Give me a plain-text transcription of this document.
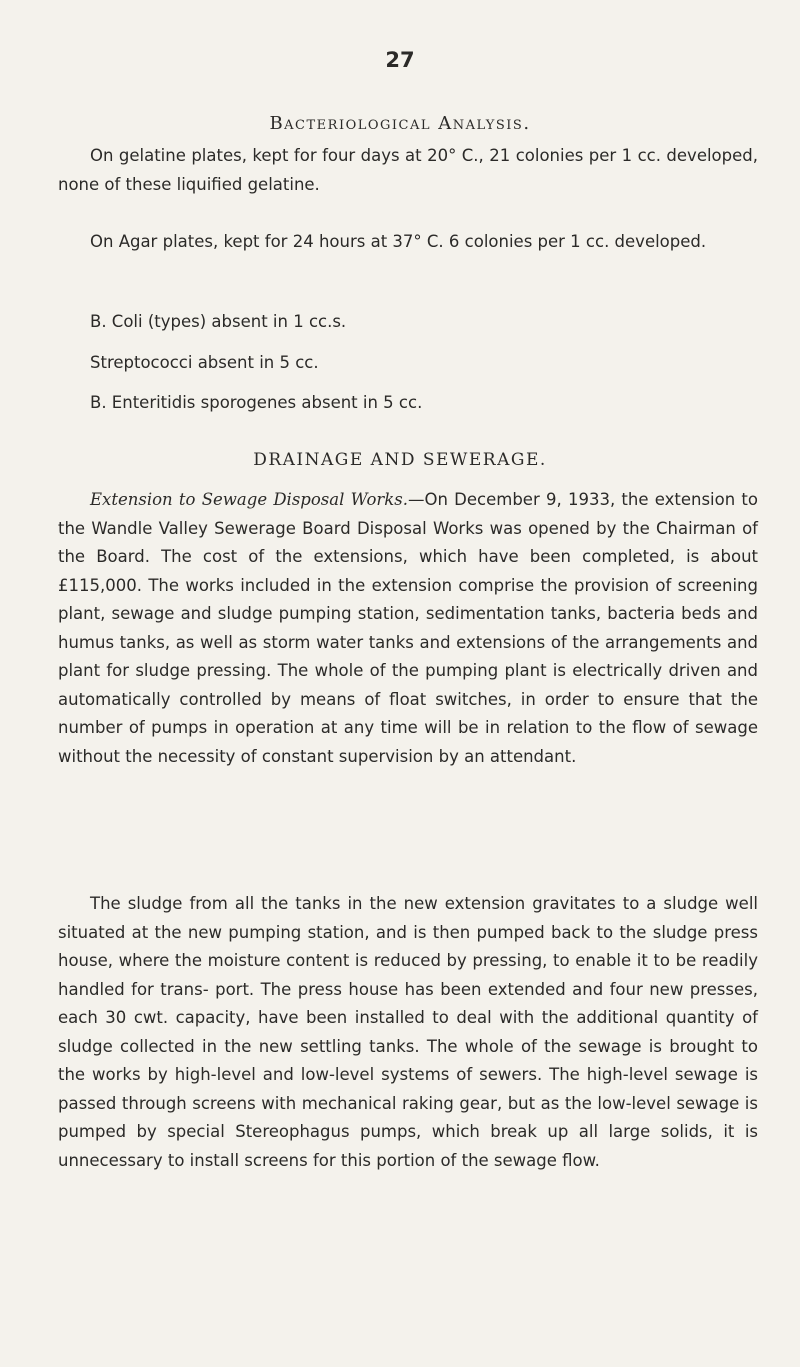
27
Bacteriological Analysis.
On gelatine plates, kept for four days at 20° C., 21 colonies per 1 cc. developed, none of these liquified gelatine.
On Agar plates, kept for 24 hours at 37° C. 6 colonies per 1 cc. developed.
B. Coli (types) absent in 1 cc.s.
Streptococci absent in 5 cc.
B. Enteritidis sporogenes absent in 5 cc.
DRAINAGE AND SEWERAGE.
Extension to Sewage Disposal Works.—On December 9, 1933, the extension to the Wandle Valley Sewerage Board Disposal Works was opened by the Chairman of the Board. The cost of the extensions, which have been completed, is about £115,000. The works included in the extension comprise the provision of screening plant, sewage and sludge pumping station, sedimentation tanks, bacteria beds and humus tanks, as well as storm water tanks and extensions of the arrangements and plant for sludge pressing. The whole of the pumping plant is electrically driven and automatically controlled by means of float switches, in order to ensure that the number of pumps in operation at any time will be in relation to the flow of sewage without the necessity of constant supervision by an attendant.
The sludge from all the tanks in the new extension gravitates to a sludge well situated at the new pumping station, and is then pumped back to the sludge press house, where the moisture content is reduced by pressing, to enable it to be readily handled for trans- port. The press house has been extended and four new presses, each 30 cwt. capacity, have been installed to deal with the additional quantity of sludge collected in the new settling tanks. The whole of the sewage is brought to the works by high-level and low-level systems of sewers. The high-level sewage is passed through screens with mechanical raking gear, but as the low-level sewage is pumped by special Stereophagus pumps, which break up all large solids, it is unnecessary to install screens for this portion of the sewage flow.
